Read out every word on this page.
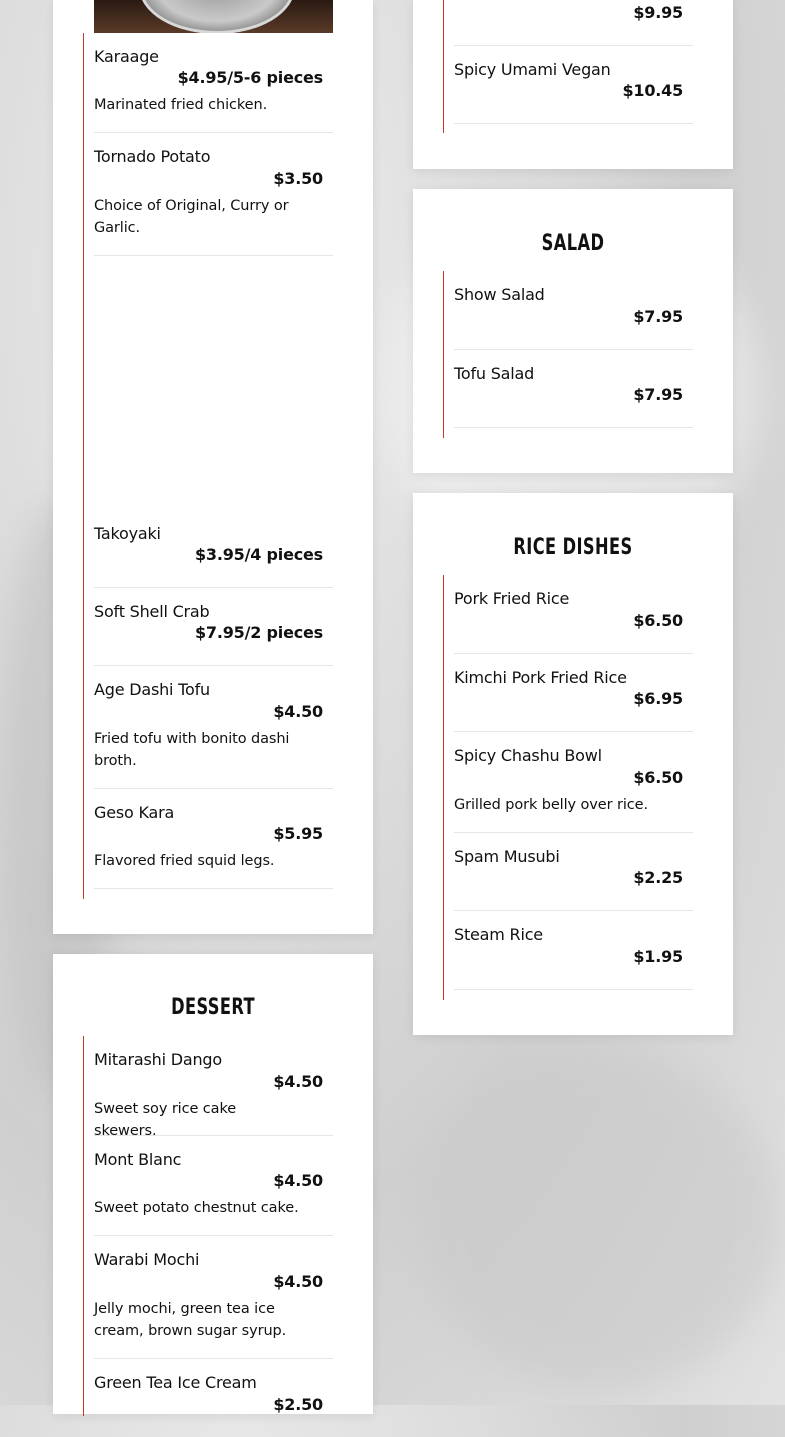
Karaage
$4.95/5-6 pieces
Marinated fried chicken.
Tornado Potato
$3.50
Choice of Original, Curry or Garlic.
Takoyaki
$3.95/4 pieces
Soft Shell Crab
$7.95/2 pieces
Age Dashi Tofu
$4.50
Fried tofu with bonito dashi broth.
Geso Kara
$5.95
Flavored fried squid legs.
DESSERT
Mitarashi Dango
$4.50
Sweet soy rice cake skewers.
Mont Blanc
$4.50
Sweet potato chestnut cake.
Warabi Mochi
$4.50
Jelly mochi, green tea ice cream, brown sugar syrup.
Green Tea Ice Cream
$2.50
$9.95
Spicy Umami Vegan
$10.45
SALAD
Show Salad
$7.95
Tofu Salad
$7.95
RICE DISHES
Pork Fried Rice
$6.50
Kimchi Pork Fried Rice
$6.95
Spicy Chashu Bowl
$6.50
Grilled pork belly over rice.
Spam Musubi
$2.25
Steam Rice
$1.95
